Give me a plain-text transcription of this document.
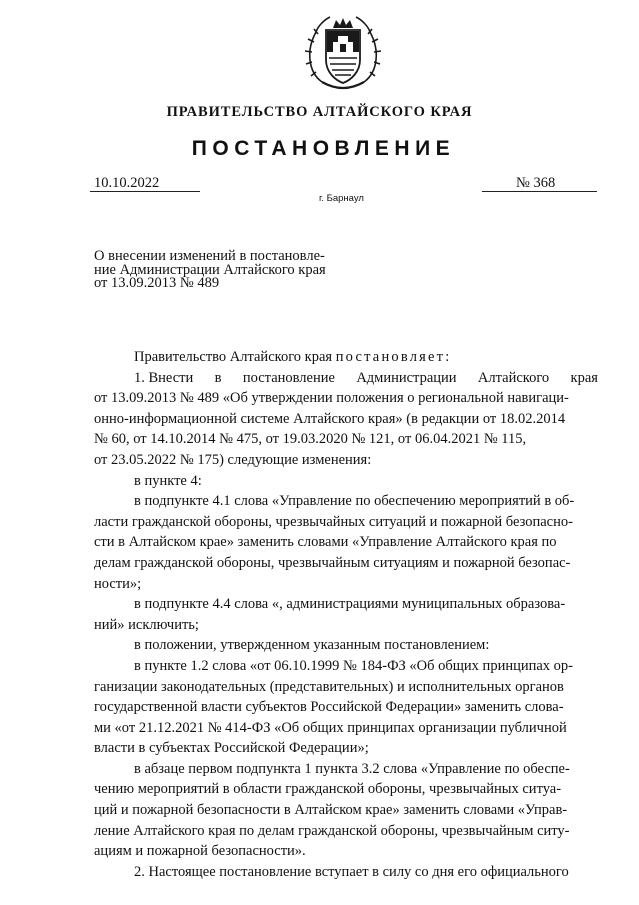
ПРАВИТЕЛЬСТВО АЛТАЙСКОГО КРАЯ
ПОСТАНОВЛЕНИЕ
10.10.2022	№ 368
г. Барнаул
О внесении изменений в постановле-
ние Администрации Алтайского края
от 13.09.2013 № 489
Правительство Алтайского края постановляет:
1. Внести в постановление Администрации Алтайского края
от 13.09.2013 № 489 «Об утверждении положения о региональной навигаци-
онно-информационной системе Алтайского края» (в редакции от 18.02.2014
№ 60, от 14.10.2014 № 475, от 19.03.2020 № 121, от 06.04.2021 № 115,
от 23.05.2022 № 175) следующие изменения:
в пункте 4:
в подпункте 4.1 слова «Управление по обеспечению мероприятий в об-
ласти гражданской обороны, чрезвычайных ситуаций и пожарной безопасно-
сти в Алтайском крае» заменить словами «Управление Алтайского края по
делам гражданской обороны, чрезвычайным ситуациям и пожарной безопас-
ности»;
в подпункте 4.4 слова «, администрациями муниципальных образова-
ний» исключить;
в положении, утвержденном указанным постановлением:
в пункте 1.2 слова «от 06.10.1999 № 184-ФЗ «Об общих принципах ор-
ганизации законодательных (представительных) и исполнительных органов
государственной власти субъектов Российской Федерации» заменить слова-
ми «от 21.12.2021 № 414-ФЗ «Об общих принципах организации публичной
власти в субъектах Российской Федерации»;
в абзаце первом подпункта 1 пункта 3.2 слова «Управление по обеспе-
чению мероприятий в области гражданской обороны, чрезвычайных ситуа-
ций и пожарной безопасности в Алтайском крае» заменить словами «Управ-
ление Алтайского края по делам гражданской обороны, чрезвычайным ситу-
ациям и пожарной безопасности».
2. Настоящее постановление вступает в силу со дня его официального
